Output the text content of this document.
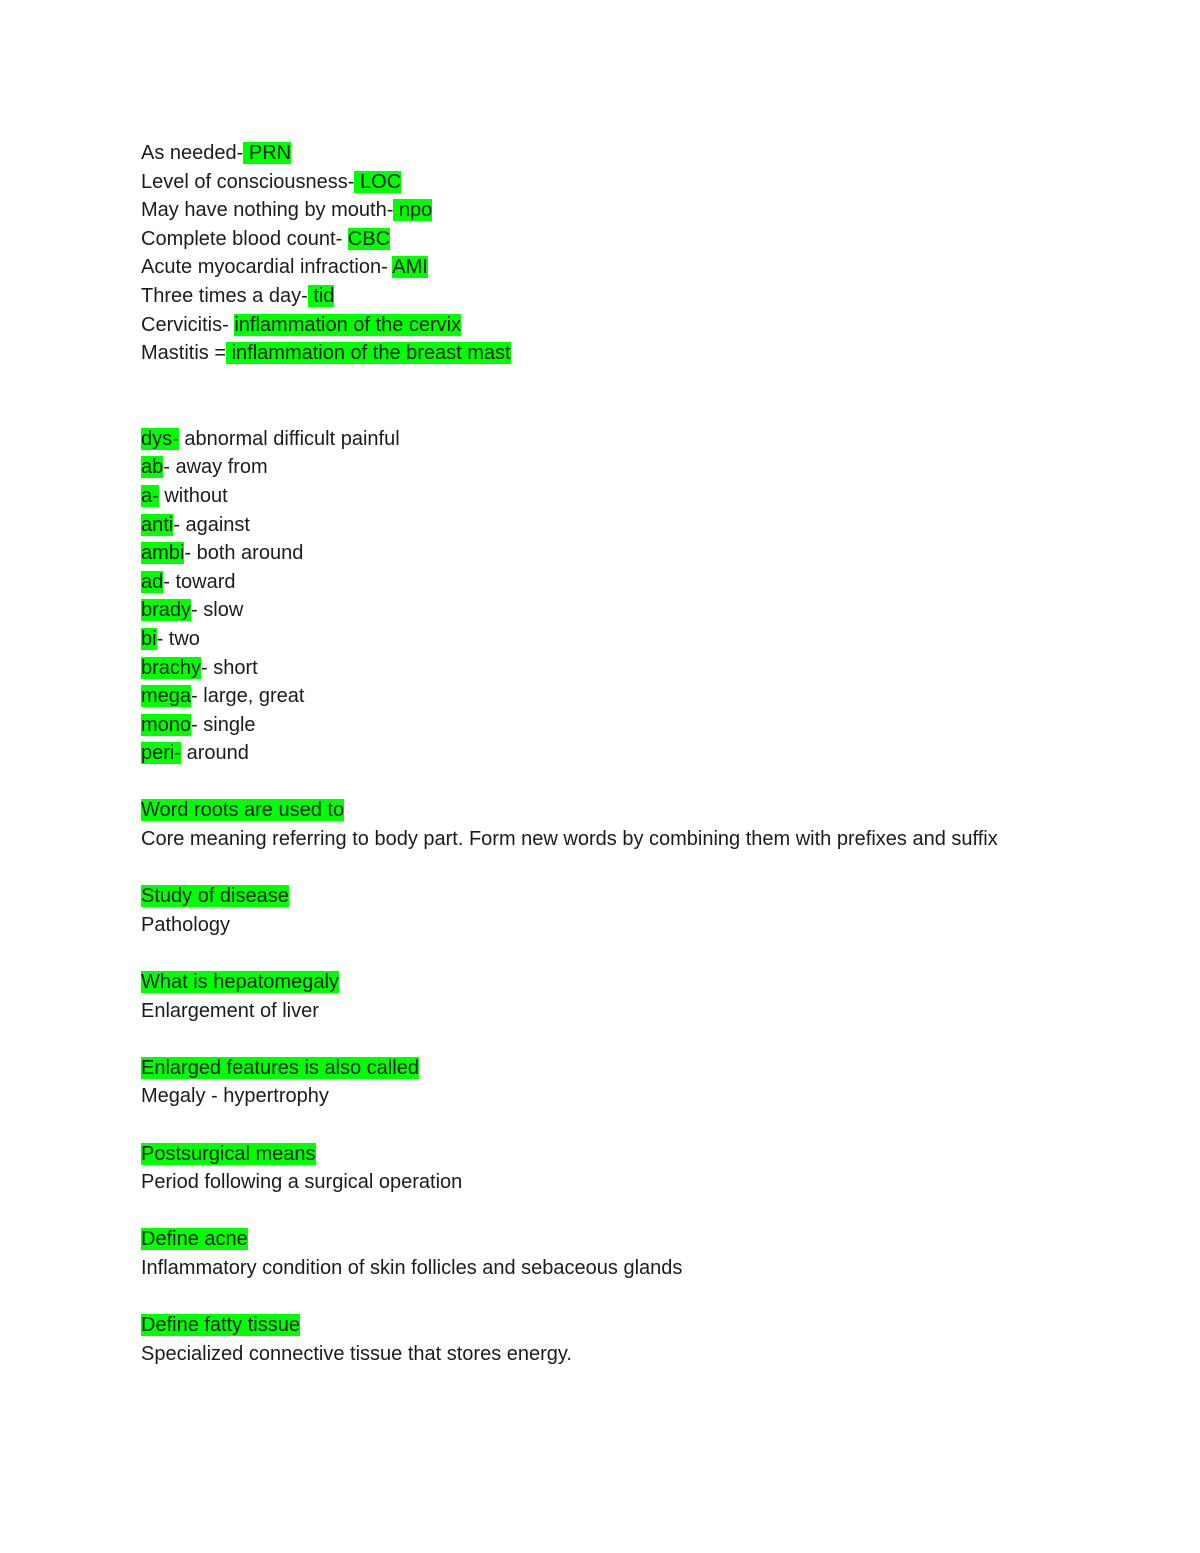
As needed- PRN
Level of consciousness- LOC
May have nothing by mouth- npo
Complete blood count- CBC
Acute myocardial infraction- AMI
Three times a day- tid
Cervicitis- inflammation of the cervix
Mastitis = inflammation of the breast mast
dys- abnormal difficult painful
ab- away from
a- without
anti- against
ambi- both around
ad- toward
brady- slow
bi- two
brachy- short
mega- large, great
mono- single
peri- around
Word roots are used to
Core meaning referring to body part. Form new words by combining them with prefixes and suffix
Study of disease
Pathology
What is hepatomegaly
Enlargement of liver
Enlarged features is also called
Megaly - hypertrophy
Postsurgical means
Period following a surgical operation
Define acne
Inflammatory condition of skin follicles and sebaceous glands
Define fatty tissue
Specialized connective tissue that stores energy.
